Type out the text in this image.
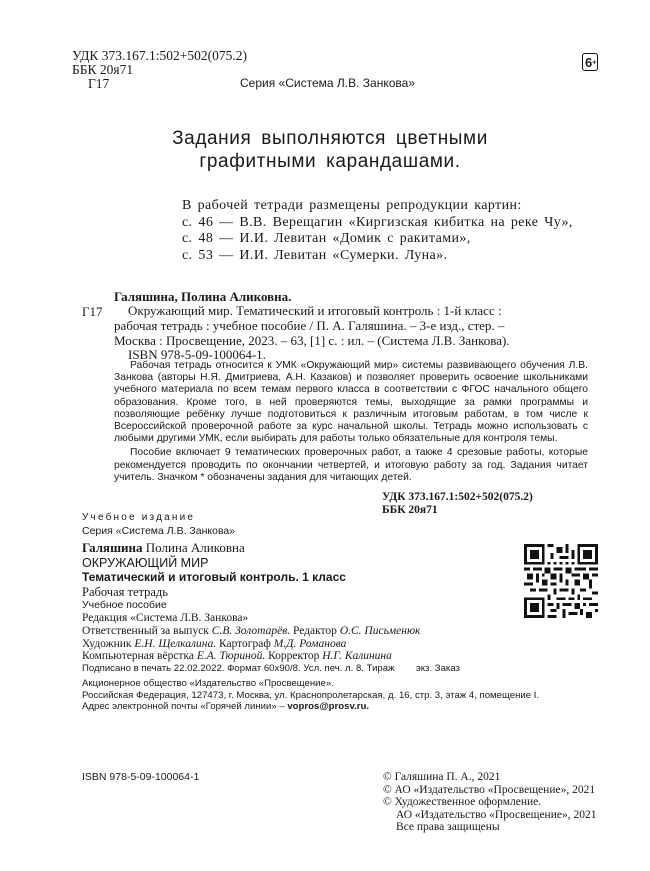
УДК 373.167.1:502+502(075.2)
ББК 20я71
Г17	Серия «Система Л.В. Занкова»
6+
Задания выполняются цветными
графитными карандашами.
В рабочей тетради размещены репродукции картин:
с. 46 — В.В. Верещагин «Киргизская кибитка на реке Чу»,
с. 48 — И.И. Левитан «Домик с ракитами»,
с. 53 — И.И. Левитан «Сумерки. Луна».
Галяшина, Полина Аликовна.
Г17	Окружающий мир. Тематический и итоговый контроль : 1-й класс :
рабочая тетрадь : учебное пособие / П. А. Галяшина. – 3-е изд., стер. –
Москва : Просвещение, 2023. – 63, [1] с. : ил. – (Система Л.В. Занкова).
ISBN 978-5-09-100064-1.

Рабочая тетрадь относится к УМК «Окружающий мир» системы развивающего обучения Л.В. Занкова (авторы Н.Я. Дмитриева, А.Н. Казаков) и позволяет проверить освоение школьниками учебного материала по всем темам первого класса в соответствии с ФГОС начального общего образования. Кроме того, в ней проверяются темы, выходящие за рамки программы и позволяющие ребёнку лучше подготовиться к различным итоговым работам, в том числе к Всероссийской проверочной работе за курс начальной школы. Тетрадь можно использовать с любыми другими УМК, если выбирать для работы только обязательные для контроля темы.

Пособие включает 9 тематических проверочных работ, а также 4 срезовые работы, которые рекомендуется проводить по окончании четвертей, и итоговую работу за год. Задания читает учитель. Значком * обозначены задания для читающих детей.

УДК 373.167.1:502+502(075.2)
ББК 20я71
Учебное издание
Серия «Система Л.В. Занкова»
Галяшина Полина Аликовна
ОКРУЖАЮЩИЙ МИР
Тематический и итоговый контроль. 1 класс
Рабочая тетрадь
Учебное пособие
Редакция «Система Л.В. Занкова»
Ответственный за выпуск С.В. Золотарёв. Редактор О.С. Письменюк
Художник Е.Н. Щелкалина. Картограф М.Д. Романова
Компьютерная вёрстка Е.А. Тюриной. Корректор Н.Г. Калинина
Подписано в печать 22.02.2022. Формат 60x90/8. Усл. печ. л. 8. Тираж        экз. Заказ
Акционерное общество «Издательство «Просвещение».
Российская Федерация, 127473, г. Москва, ул. Краснопролетарская, д. 16, стр. 3, этаж 4, помещение I.
Адрес электронной почты «Горячей линии» – vopros@prosv.ru.
ISBN 978-5-09-100064-1	© Галяшина П. А., 2021
© АО «Издательство «Просвещение», 2021
© Художественное оформление.
АО «Издательство «Просвещение», 2021
Все права защищены
